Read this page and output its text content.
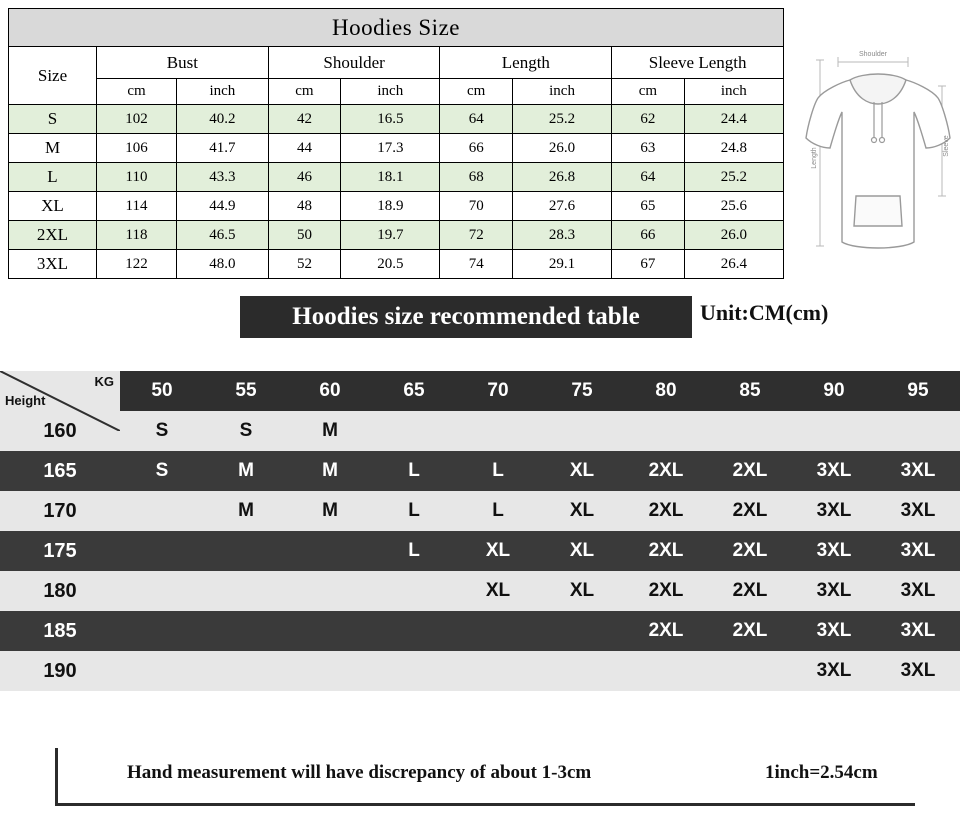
Hoodies Size								
Size	Bust		Shoulder		Length		Sleeve Length	
	cm	inch	cm	inch	cm	inch	cm	inch
S	102	40.2	42	16.5	64	25.2	62	24.4
M	106	41.7	44	17.3	66	26.0	63	24.8
L	110	43.3	46	18.1	68	26.8	64	25.2
XL	114	44.9	48	18.9	70	27.6	65	25.6
2XL	118	46.5	50	19.7	72	28.3	66	26.0
3XL	122	48.0	52	20.5	74	29.1	67	26.4
Shoulder
Length
Sleeve
Hoodies size recommended table	Unit:CM(cm)
KG
Height	50	55	60	65	70	75	80	85	90	95
160	S	S	M							
165	S	M	M	L	L	XL	2XL	2XL	3XL	3XL
170		M	M	L	L	XL	2XL	2XL	3XL	3XL
175				L	XL	XL	2XL	2XL	3XL	3XL
180					XL	XL	2XL	2XL	3XL	3XL
185							2XL	2XL	3XL	3XL
190									3XL	3XL
Hand measurement will have discrepancy of about 1-3cm	1inch=2.54cm
